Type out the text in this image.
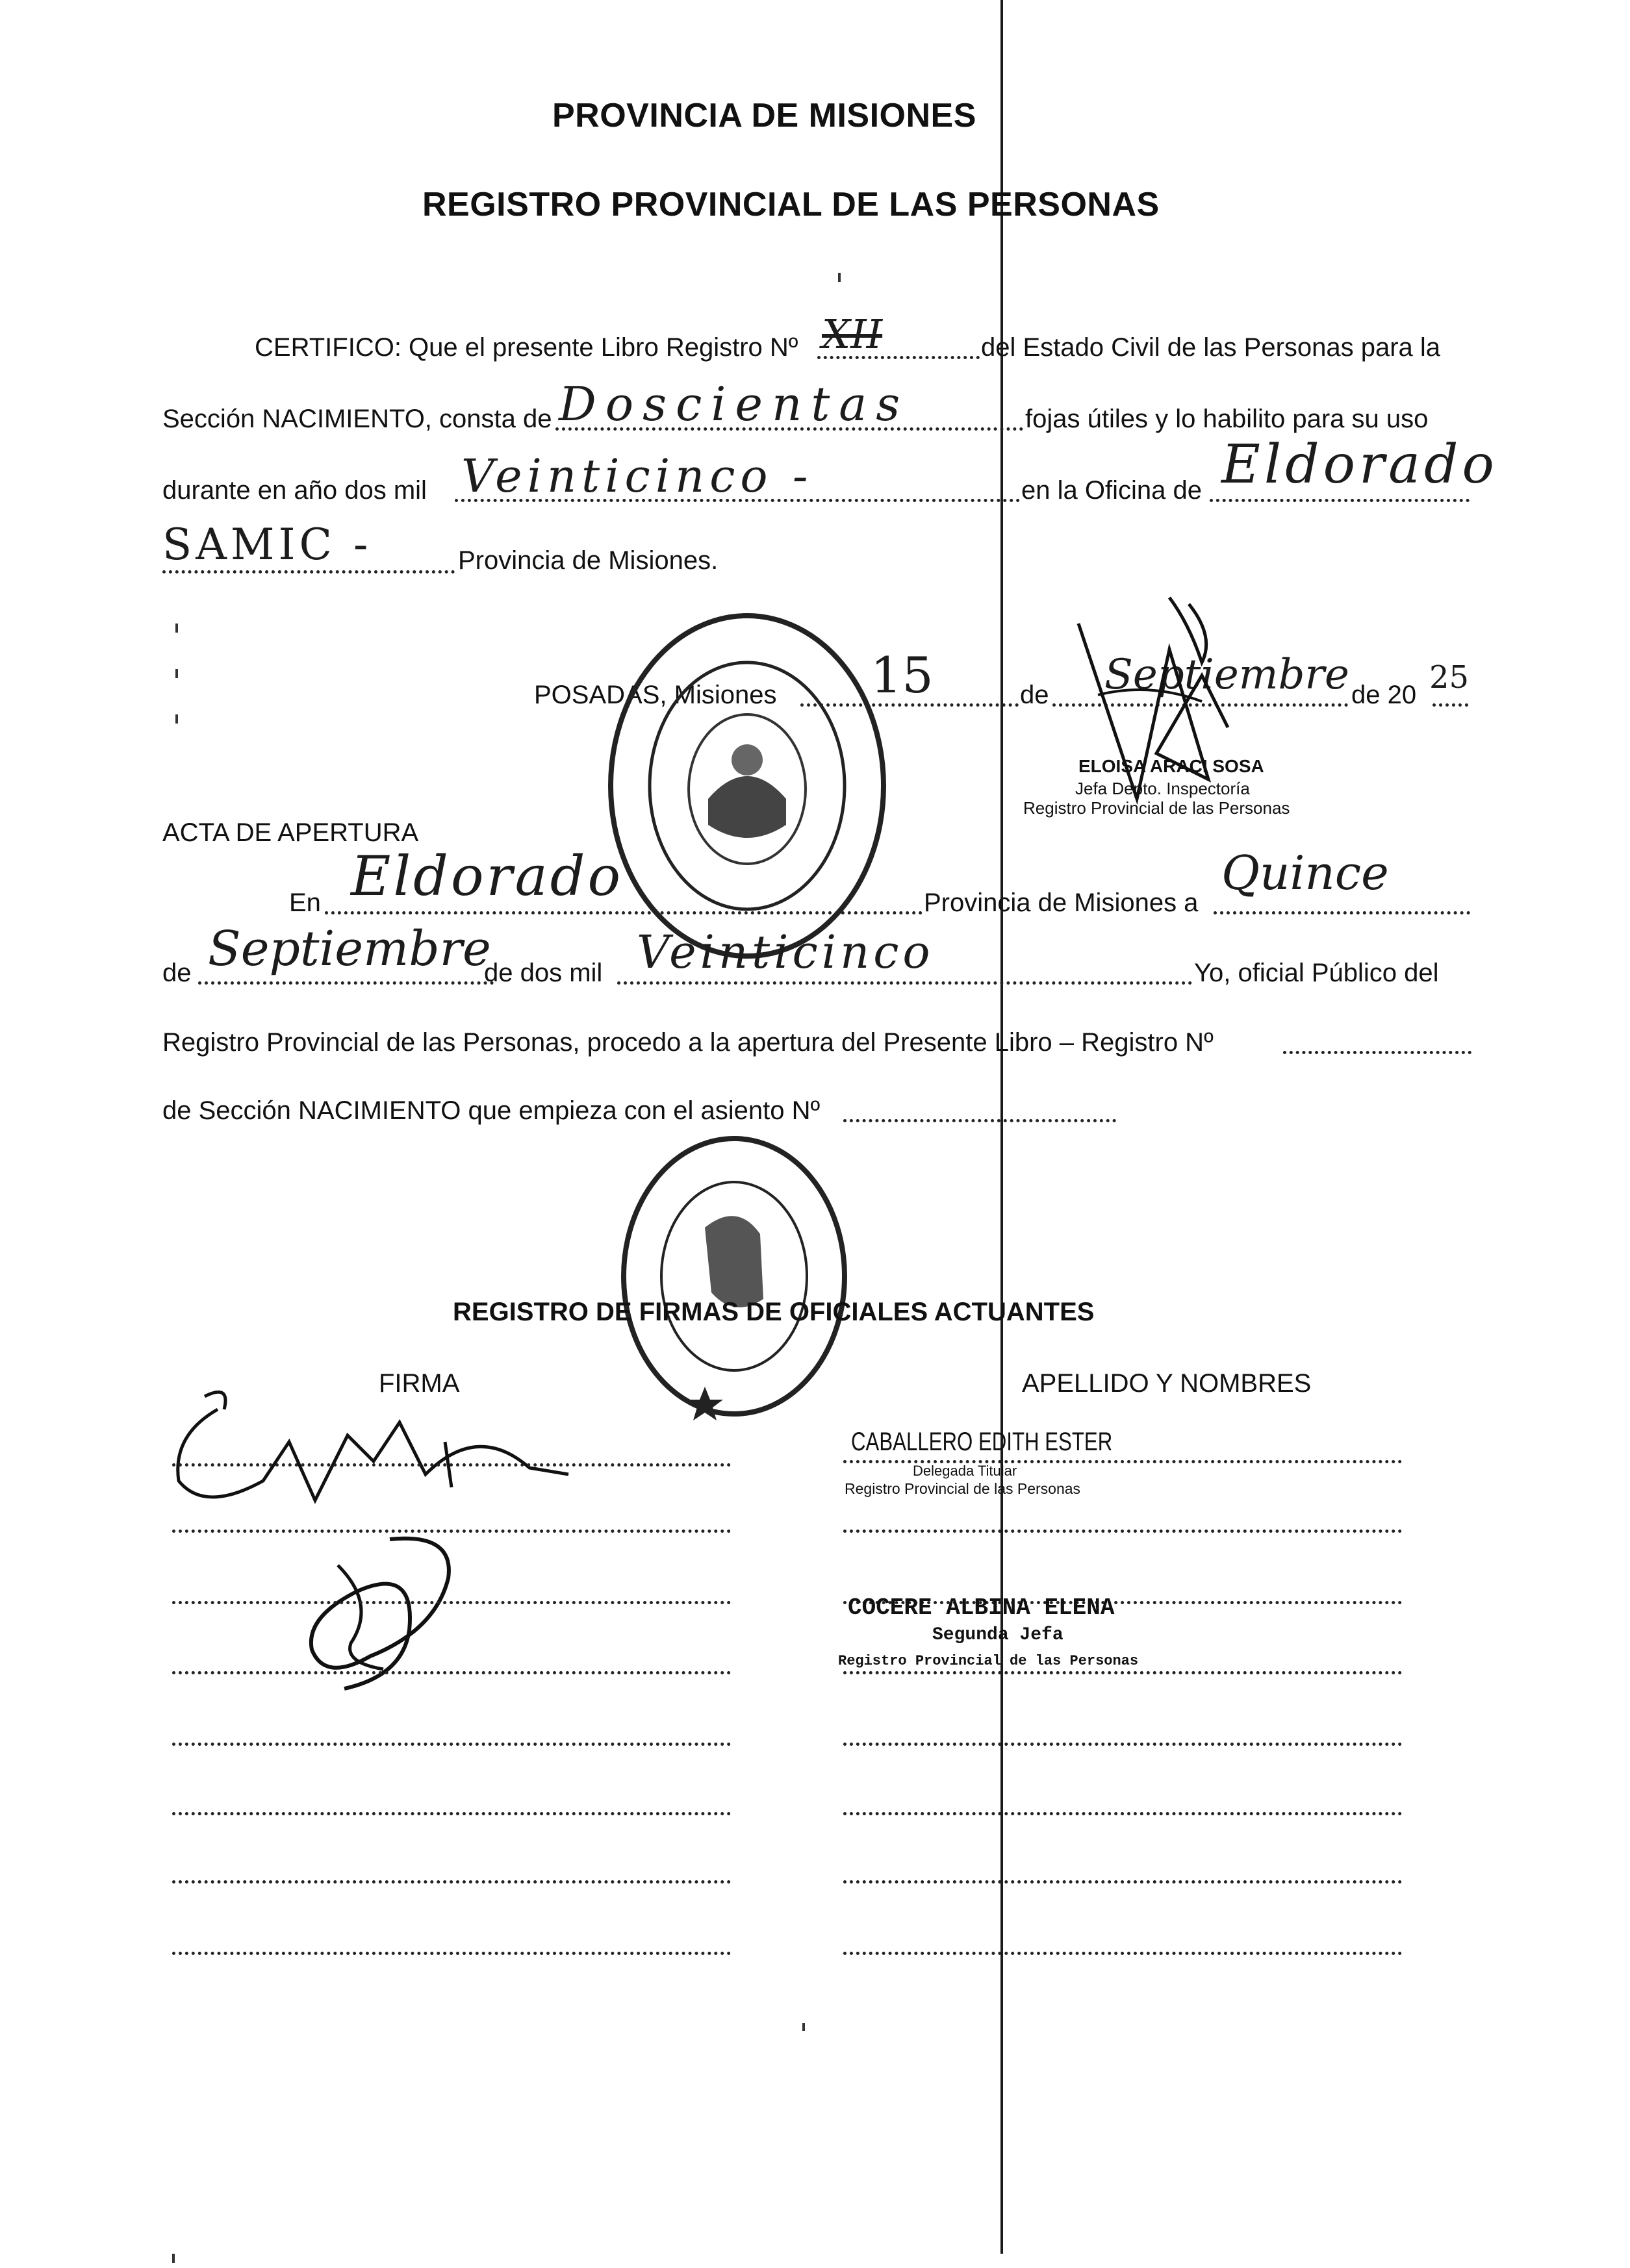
PROVINCIA DE MISIONES
REGISTRO PROVINCIAL DE LAS PERSONAS
CERTIFICO: Que el presente Libro Registro Nº XII	del Estado Civil de las Personas para la
Sección NACIMIENTO, consta de Doscientas	fojas útiles y lo habilito para su uso
durante en año dos mil Veinticinco -	en la Oficina de Eldorado
SAMIC -	Provincia de Misiones.
POSADAS, Misiones 15	de Septiembre de 20 25
ELOISA ARACI SOSA
Jefa Depto. Inspectoría
Registro Provincial de las Personas
ACTA DE APERTURA
En Eldorado	Provincia de Misiones a
Quince
de Septiembre
de dos mil Veinticinco	Yo, oficial Público del
Registro Provincial de las Personas, procedo a la apertura del Presente Libro – Registro Nº
de Sección NACIMIENTO que empieza con el asiento Nº
REGISTRO DE FIRMAS DE OFICIALES ACTUANTES
FIRMA	APELLIDO Y NOMBRES
CABALLERO EDITH ESTER
Delegada Titular
Registro Provincial de las Personas
COCERE ALBINA ELENA
Segunda Jefa
Registro Provincial de las Personas
